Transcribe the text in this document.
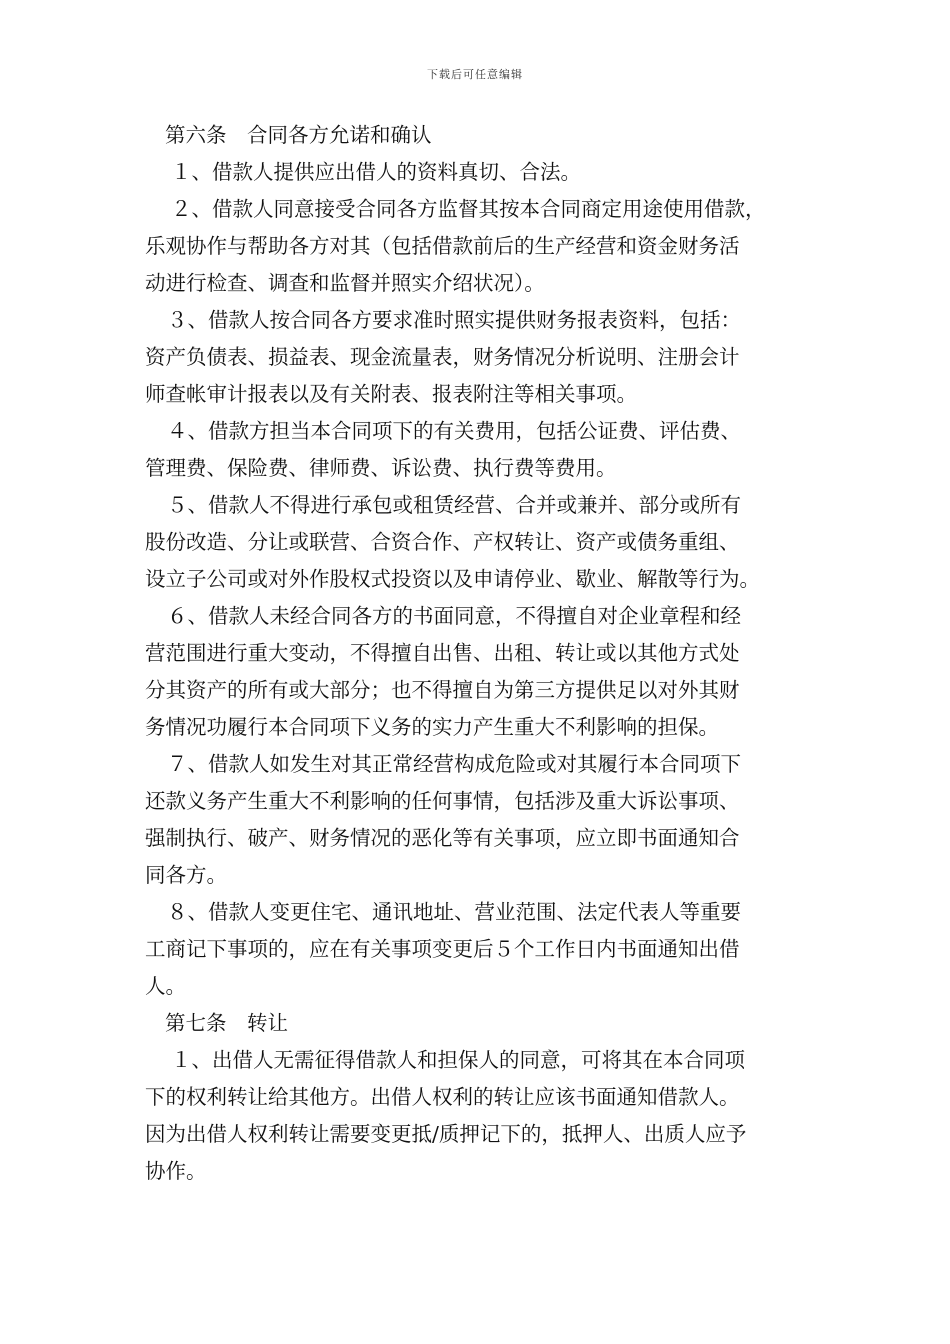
下载后可任意编辑
第六条　合同各方允诺和确认
１、借款人提供应出借人的资料真切、合法。
２、借款人同意接受合同各方监督其按本合同商定用途使用借款，
乐观协作与帮助各方对其（包括借款前后的生产经营和资金财务活
动进行检查、调查和监督并照实介绍状况）。
３、借款人按合同各方要求准时照实提供财务报表资料，包括：
资产负债表、损益表、现金流量表，财务情况分析说明、注册会计
师查帐审计报表以及有关附表、报表附注等相关事项。
４、借款方担当本合同项下的有关费用，包括公证费、评估费、
管理费、保险费、律师费、诉讼费、执行费等费用。
５、借款人不得进行承包或租赁经营、合并或兼并、部分或所有
股份改造、分让或联营、合资合作、产权转让、资产或债务重组、
设立子公司或对外作股权式投资以及申请停业、歇业、解散等行为。
６、借款人未经合同各方的书面同意，不得擅自对企业章程和经
营范围进行重大变动，不得擅自出售、出租、转让或以其他方式处
分其资产的所有或大部分；也不得擅自为第三方提供足以对外其财
务情况功履行本合同项下义务的实力产生重大不利影响的担保。
７、借款人如发生对其正常经营构成危险或对其履行本合同项下
还款义务产生重大不利影响的任何事情，包括涉及重大诉讼事项、
强制执行、破产、财务情况的恶化等有关事项，应立即书面通知合
同各方。
８、借款人变更住宅、通讯地址、营业范围、法定代表人等重要
工商记下事项的，应在有关事项变更后５个工作日内书面通知出借
人。
第七条　转让
１、出借人无需征得借款人和担保人的同意，可将其在本合同项
下的权利转让给其他方。出借人权利的转让应该书面通知借款人。
因为出借人权利转让需要变更抵/质押记下的，抵押人、出质人应予
协作。
